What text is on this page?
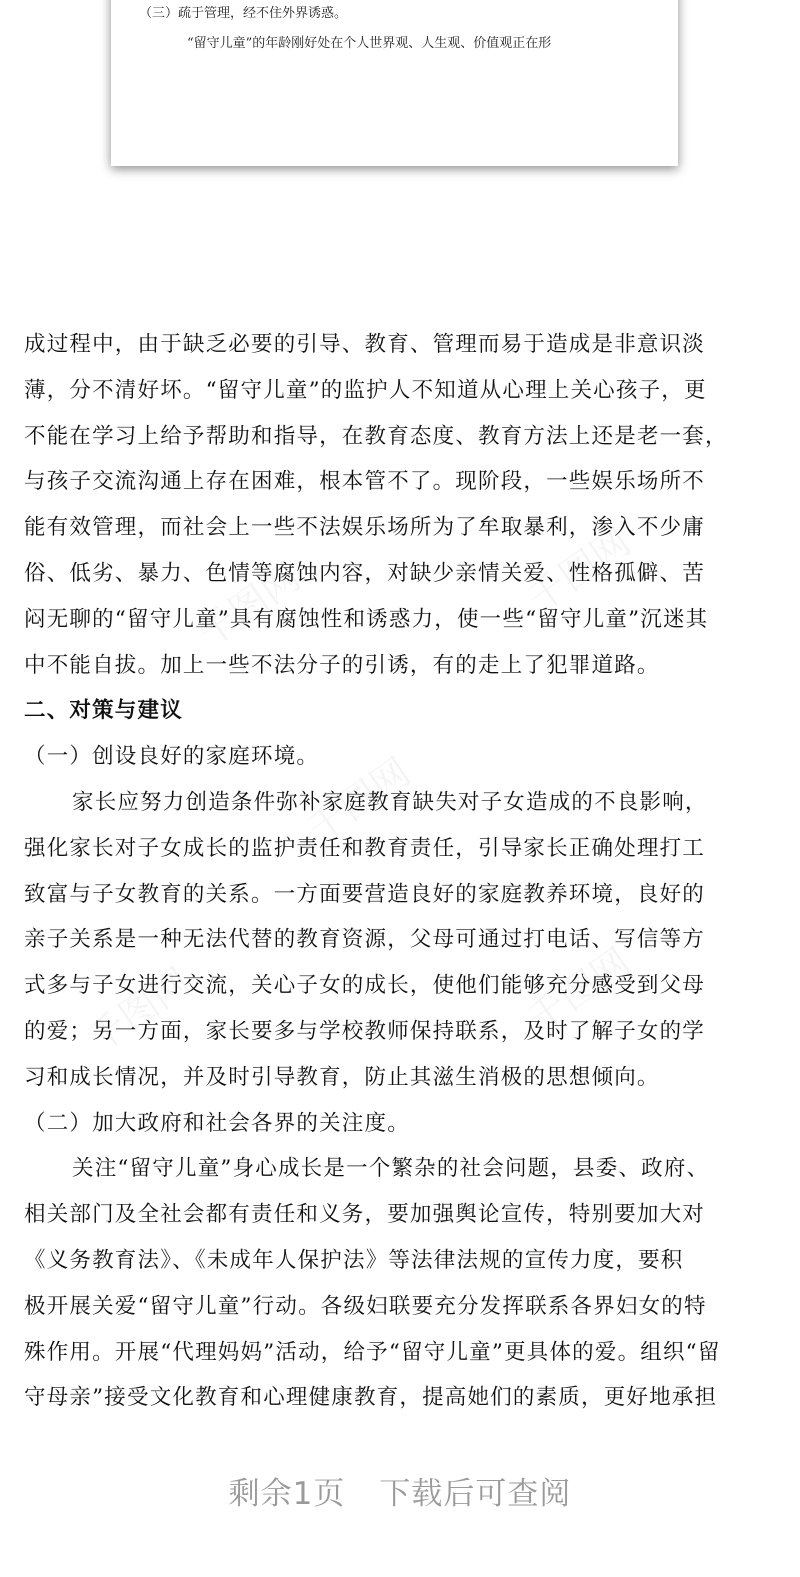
（三）疏于管理，经不住外界诱惑。
“留守儿童”的年龄刚好处在个人世界观、人生观、价值观正在形
成过程中，由于缺乏必要的引导、教育、管理而易于造成是非意识淡
薄，分不清好坏。“留守儿童”的监护人不知道从心理上关心孩子，更
不能在学习上给予帮助和指导，在教育态度、教育方法上还是老一套，
与孩子交流沟通上存在困难，根本管不了。现阶段，一些娱乐场所不
能有效管理，而社会上一些不法娱乐场所为了牟取暴利，渗入不少庸
俗、低劣、暴力、色情等腐蚀内容，对缺少亲情关爱、性格孤僻、苦
闷无聊的“留守儿童”具有腐蚀性和诱惑力，使一些“留守儿童”沉迷其
中不能自拔。加上一些不法分子的引诱，有的走上了犯罪道路。
二、对策与建议
（一）创设良好的家庭环境。
家长应努力创造条件弥补家庭教育缺失对子女造成的不良影响，
强化家长对子女成长的监护责任和教育责任，引导家长正确处理打工
致富与子女教育的关系。一方面要营造良好的家庭教养环境，良好的
亲子关系是一种无法代替的教育资源，父母可通过打电话、写信等方
式多与子女进行交流，关心子女的成长，使他们能够充分感受到父母
的爱；另一方面，家长要多与学校教师保持联系，及时了解子女的学
习和成长情况，并及时引导教育，防止其滋生消极的思想倾向。
（二）加大政府和社会各界的关注度。
关注“留守儿童”身心成长是一个繁杂的社会问题，县委、政府、
相关部门及全社会都有责任和义务，要加强舆论宣传，特别要加大对
《义务教育法》、《未成年人保护法》等法律法规的宣传力度，要积
极开展关爱“留守儿童”行动。各级妇联要充分发挥联系各界妇女的特
殊作用。开展“代理妈妈”活动，给予“留守儿童”更具体的爱。组织“留
守母亲”接受文化教育和心理健康教育，提高她们的素质，更好地承担
剩余1页 下载后可查阅
